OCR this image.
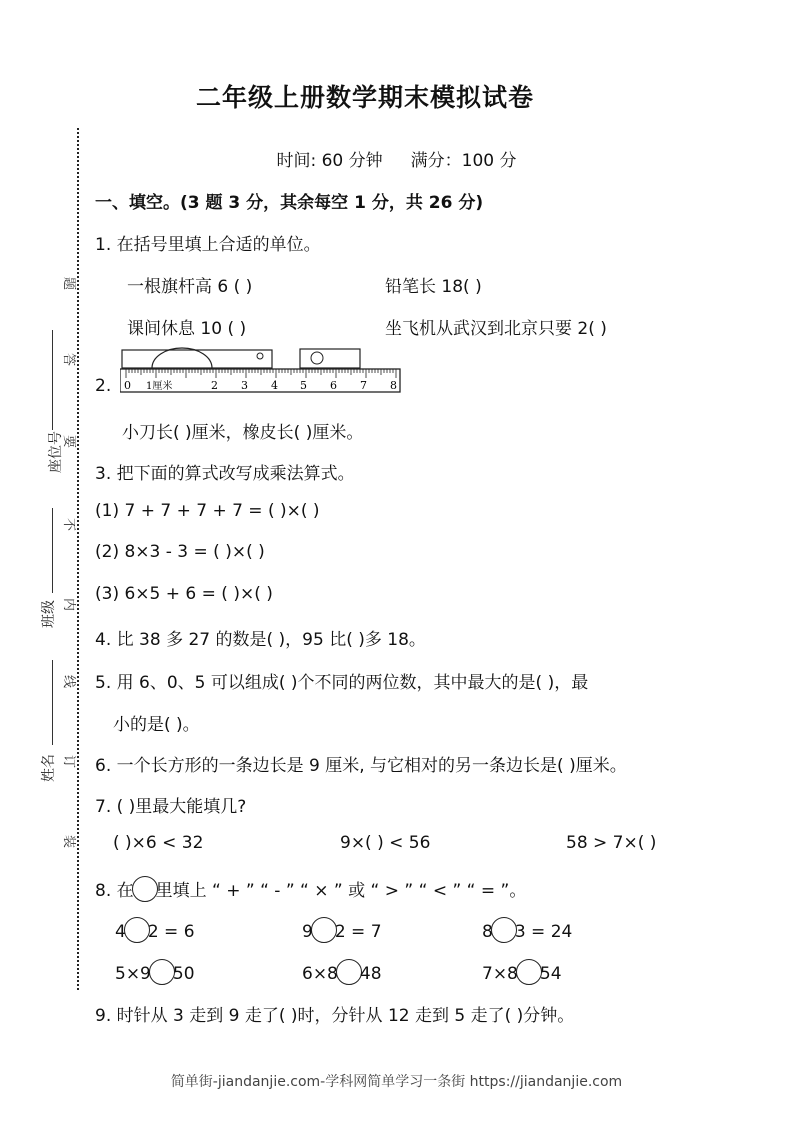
题
答
要
不
内
线
订
装
座位号
班级
姓名
二年级上册数学期末模拟试卷
时间: 60 分钟 满分：100 分
一、填空。(3 题 3 分，其余每空 1 分，共 26 分)
1. 在括号里填上合适的单位。
一根旗杆高 6 ( )	铅笔长 18( )
课间休息 10 ( )	坐飞机从武汉到北京只要 2( )
2. 0 1厘米	2 3 4 5 6 7 8
小刀长( )厘米，橡皮长( )厘米。
3. 把下面的算式改写成乘法算式。
(1) 7 + 7 + 7 + 7 = ( )×( )
(2) 8×3 - 3 = ( )×( )
(3) 6×5 + 6 = ( )×( )
4. 比 38 多 27 的数是( )，95 比( )多 18。
5. 用 6、0、5 可以组成( )个不同的两位数，其中最大的是( )，最
小的是( )。
6. 一个长方形的一条边长是 9 厘米, 与它相对的另一条边长是( )厘米。
7. ( )里最大能填几?
( )×6 < 32	9×( ) < 56	58 > 7×( )
8. 在 里填上 “ + ” “ - ” “ × ” 或 “ > ” “ < ” “ = ”。
4 2 = 6	9 2 = 7	8 3 = 24
5×9 50	6×8 48	7×8 54
9. 时针从 3 走到 9 走了( )时，分针从 12 走到 5 走了( )分钟。
简单街-jiandanjie.com-学科网简单学习一条街 https://jiandanjie.com
